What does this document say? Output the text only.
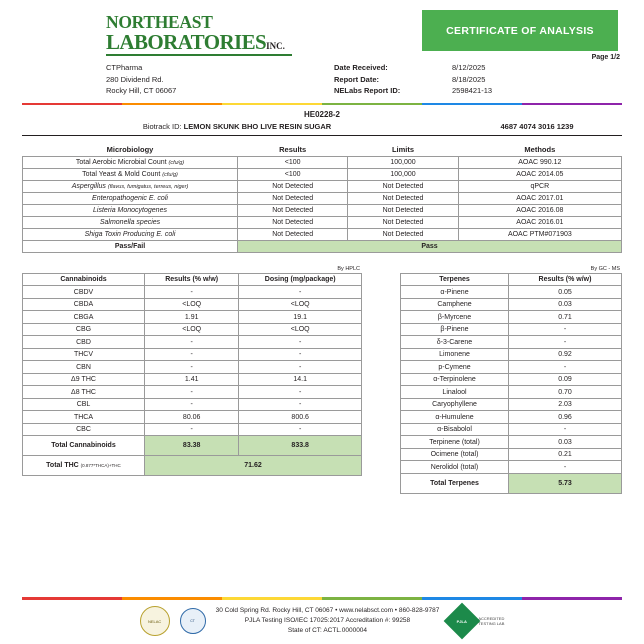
NORTHEAST
LABORATORIESINC.
CERTIFICATE OF ANALYSIS
Page 1/2
CTPharma
280 Dividend Rd.
Rocky Hill, CT 06067
Date Received:	8/12/2025
Report Date:	8/18/2025
NELabs Report ID:	2598421-13
HE0228-2
Biotrack ID: LEMON SKUNK BHO LIVE RESIN SUGAR	4687 4074 3016 1239
Microbiology	Results	Limits	Methods
Total Aerobic Microbial Count (cfu/g)	<100	100,000	AOAC 990.12
Total Yeast & Mold Count (cfu/g)	<100	100,000	AOAC 2014.05
Aspergillus (flavus, fumigatus, terreus, niger)	Not Detected	Not Detected	qPCR
Enteropathogenic E. coli	Not Detected	Not Detected	AOAC 2017.01
Listeria Monocytogenes	Not Detected	Not Detected	AOAC 2016.08
Salmonella species	Not Detected	Not Detected	AOAC 2016.01
Shiga Toxin Producing E. coli	Not Detected	Not Detected	AOAC PTM#071903
Pass/Fail	Pass		
By HPLC
Cannabinoids	Results (% w/w)	Dosing (mg/package)
CBDV	-	-
CBDA	<LOQ	<LOQ
CBGA	1.91	19.1
CBG	<LOQ	<LOQ
CBD	-	-
THCV	-	-
CBN	-	-
Δ9 THC	1.41	14.1
Δ8 THC	-	-
CBL	-	-
THCA	80.06	800.6
CBC	-	-
Total Cannabinoids	83.38	833.8
Total THC (0.877*THCA)+THC	71.62	
By GC - MS
Terpenes	Results (% w/w)
α-Pinene	0.05
Camphene	0.03
β-Myrcene	0.71
β-Pinene	-
δ-3-Carene	-
Limonene	0.92
p-Cymene	-
α-Terpinolene	0.09
Linalool	0.70
Caryophyllene	2.03
α-Humulene	0.96
α-Bisabolol	-
Terpinene (total)	0.03
Ocimene (total)	0.21
Nerolidol (total)	-
Total Terpenes	5.73
NELAC	CT
30 Cold Spring Rd. Rocky Hill, CT 06067 • www.nelabsct.com • 860-828-9787
PJLA Testing ISO/IEC 17025:2017 Accreditation #: 99258
State of CT: ACTL.0000004
PJLA
ACCREDITED
TESTING LAB
